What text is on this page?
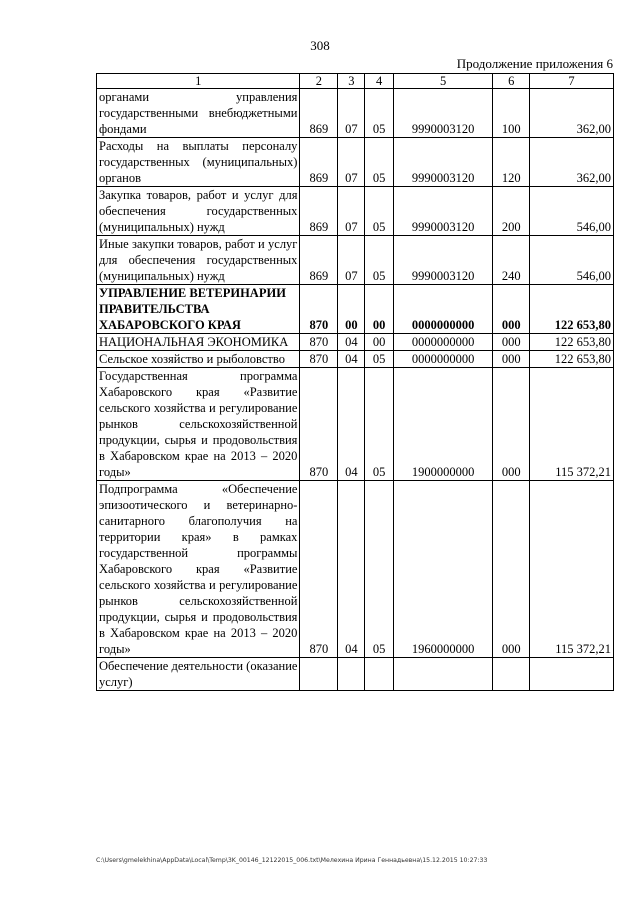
308
Продолжение приложения 6
1	2	3	4	5	6	7
органами управления государственными внебюджетными фондами	869	07	05	9990003120	100	362,00
Расходы на выплаты персоналу государственных (муниципальных) органов	869	07	05	9990003120	120	362,00
Закупка товаров, работ и услуг для обеспечения государственных (муниципальных) нужд	869	07	05	9990003120	200	546,00
Иные закупки товаров, работ и услуг для обеспечения государственных (муниципальных) нужд	869	07	05	9990003120	240	546,00
УПРАВЛЕНИЕ ВЕТЕРИНАРИИ ПРАВИТЕЛЬСТВА ХАБАРОВСКОГО КРАЯ	870	00	00	0000000000	000	122 653,80
НАЦИОНАЛЬНАЯ ЭКОНОМИКА	870	04	00	0000000000	000	122 653,80
Сельское хозяйство и рыболовство	870	04	05	0000000000	000	122 653,80
Государственная программа Хабаровского края «Развитие сельского хозяйства и регулирование рынков сельскохозяйственной продукции, сырья и продовольствия в Хабаровском крае на 2013 – 2020 годы»	870	04	05	1900000000	000	115 372,21
Подпрограмма «Обеспечение эпизоотического и ветеринарно-санитарного благополучия на территории края» в рамках государственной программы Хабаровского края «Развитие сельского хозяйства и регулирование рынков сельскохозяйственной продукции, сырья и продовольствия в Хабаровском крае на 2013 – 2020 годы»	870	04	05	1960000000	000	115 372,21
Обеспечение деятельности (оказание услуг)						
C:\Users\gmelekhina\AppData\Local\Temp\3K_00146_12122015_006.txt\Мелехина Ирина Геннадьевна\15.12.2015 10:27:33
